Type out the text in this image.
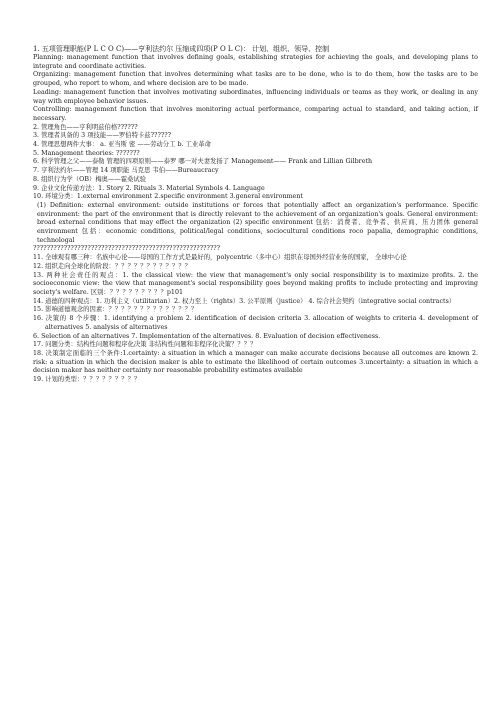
1. 五项管理职能(P L C O C)——亨利法约尔 压缩成四项(P O L C)： 计划、组织、领导、控制

Planning: management function that involves defining goals, establishing strategies for achieving the goals, and developing plans to integrate and coordinate activities.

Organizing: management function that involves determining what tasks are to be done, who is to do them, how the tasks are to be grouped, who report to whom, and where decision are to be made.

Leading: management function that involves motivating subordinates, influencing individuals or teams as they work, or dealing in any way with employee behavior issues.

Controlling: management function that involves monitoring actual performance, comparing actual to standard, and taking action, if necessary.

2. 管理角色——亨利明兹伯格??????

3. 管理者具备的 3 项技能——罗伯特卡兹??????

4. 管理思想两件大事： a. 亚当斯 密 ——劳动分工 b. 工业革命

5. Management theories: ???????

6. 科学管理之父——泰勒 管理的四项原则——泰罗 哪一对夫妻发扬了 Management—— Frank and Lillian Gilbreth

7. 亨利法约尔——管理 14 项职能 马克思 韦伯——Bureaucracy

8. 组织行为学（OB）梅奥——霍桑试验

9. 企业文化传递方法：1. Story 2. Rituals 3. Material Symbols 4. Language

10. 环境分类：1.external environment 2.specific environment 3.general environment

(1) Definition: external environment: outside institutions or forces that potentially affect an organization's performance. Specific environment: the part of the environment that is directly relevant to the achievement of an organization's goals. General environment: broad external conditions that may effect the organization (2) specific environment 包括：消费者、竞争者、供应商、压力团体 general environment 包括：economic conditions, political/legal conditions, sociocultural conditions roco papalia, demographic conditions, technologal

???????????????????????????????????????????????????????

11. 全球观有哪三种：名族中心论——母国的工作方式是最好的，polycentric（多中心）组织在母国外经营业务的国家， 全球中心论

12. 组织走向全球化的阶段：？？？？？？？？？？？？

13. 两种社会责任的观点：1. the classical view: the view that management's only social responsibility is to maximize profits. 2. the socioeconomic view: the view that management's social responsibility goes beyond making profits to include protecting and improving society's welfare. 区别：？？？？？？？？？p101

14. 道德的四种观点：1. 功利主义（utilitarian）2. 权力至上（rights）3. 公平原则（justice） 4. 综合社会契约（integrative social contracts）

15. 影响道德观念的因素：？？？？？？？？？？？？？？

16. 决策的 8 个步骤：1. identifying a problem 2. identification of decision criteria 3. allocation of weights to criteria 4. development of alternatives 5. analysis of alternatives

6. Selection of an alternatives 7. Implementation of the alternatives. 8. Evaluation of decision effectiveness.

17. 问题分类：结构性问题和程序化决策 非结构性问题和非程序化决策？？？？

18. 决策制定面临的三个条件:1.certainty: a situation in which a manager can make accurate decisions because all outcomes are known 2. risk: a situation in which the decision maker is able to estimate the likelihood of certain outcomes 3.uncertainty: a situation in which a decision maker has neither certainty nor reasonable probability estimates available

19. 计划的类型：？？？？？？？？？
